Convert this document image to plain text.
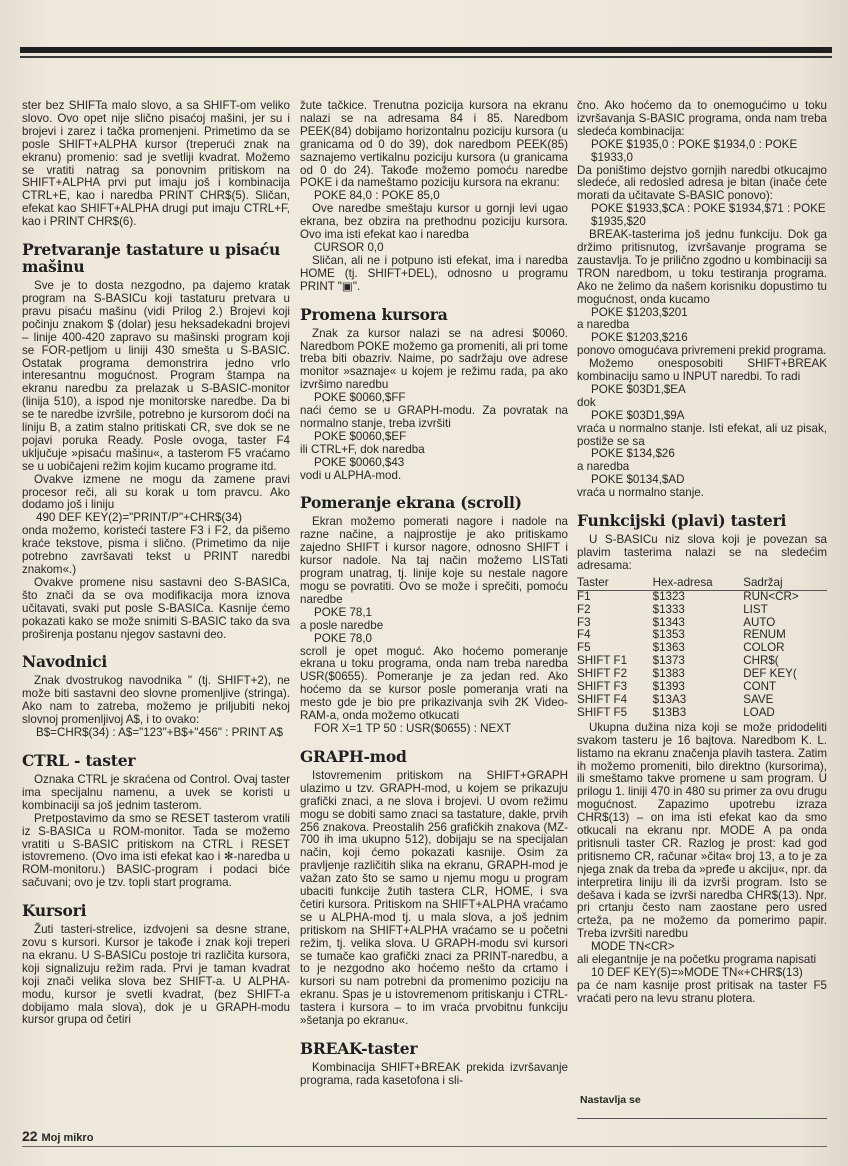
ster bez SHIFTa malo slovo, a sa SHIFT-om veliko slovo. Ovo opet nije slično pisaćoj mašini, jer su i brojevi i zarez i tačka promenjeni. Primetimo da se posle SHIFT+ALPHA kursor (treperući znak na ekranu) promenio: sad je svetliji kvadrat. Možemo se vratiti natrag sa ponovnim pritiskom na SHIFT+ALPHA prvi put imaju još i kombinacija CTRL+E, kao i naredba PRINT CHR$(5). Sličan, efekat kao SHIFT+ALPHA drugi put imaju CTRL+F, kao i PRINT CHR$(6).

Pretvaranje tastature u pisaću mašinu

Sve je to dosta nezgodno, pa dajemo kratak program na S-BASICu koji tastaturu pretvara u pravu pisaću mašinu (vidi Prilog 2.) Brojevi koji počinju znakom $ (dolar) jesu heksadekadni brojevi – linije 400-420 zapravo su mašinski program koji se FOR-petljom u liniji 430 smešta u S-BASIC. Ostatak programa demonstrira jedno vrlo interesantnu mogućnost. Program štampa na ekranu naredbu za prelazak u S-BASIC-monitor (linija 510), a ispod nje monitorske naredbe. Da bi se te naredbe izvršile, potrebno je kursorom doći na liniju B, a zatim stalno pritiskati CR, sve dok se ne pojavi poruka Ready. Posle ovoga, taster F4 uključuje »pisaću mašinu«, a tasterom F5 vraćamo se u uobičajeni režim kojim kucamo programe itd.

Ovakve izmene ne mogu da zamene pravi procesor reči, ali su korak u tom pravcu. Ako dodamo još i liniju

490 DEF KEY(2)="PRINT/P"+CHR$(34)

onda možemo, koristeći tastere F3 i F2, da pišemo kraće tekstove, pisma i slično. (Primetimo da nije potrebno završavati tekst u PRINT naredbi znakom«.)

Ovakve promene nisu sastavni deo S-BASICa, što znači da se ova modifikacija mora iznova učitavati, svaki put posle S-BASICa. Kasnije ćemo pokazati kako se može snimiti S-BASIC tako da sva proširenja postanu njegov sastavni deo.

Navodnici

Znak dvostrukog navodnika " (tj. SHIFT+2), ne može biti sastavni deo slovne promenljive (stringa). Ako nam to zatreba, možemo je priljubiti nekoj slovnoj promenljivoj A$, i to ovako:

B$=CHR$(34) : A$="123"+B$+"456" : PRINT A$

CTRL - taster

Oznaka CTRL je skraćena od Control. Ovaj taster ima specijalnu namenu, a uvek se koristi u kombinaciji sa još jednim tasterom.

Pretpostavimo da smo se RESET tasterom vratili iz S-BASICa u ROM-monitor. Tada se možemo vratiti u S-BASIC pritiskom na CTRL i RESET istovremeno. (Ovo ima isti efekat kao i ✻-naredba u ROM-monitoru.) BASIC-program i podaci biće sačuvani; ovo je tzv. topli start programa.

Kursori

Žuti tasteri-strelice, izdvojeni sa desne strane, zovu s kursori. Kursor je takođe i znak koji treperi na ekranu. U S-BASICu postoje tri različita kursora, koji signalizuju režim rada. Prvi je taman kvadrat koji znači velika slova bez SHIFT-a. U ALPHA-modu, kursor je svetli kvadrat, (bez SHIFT-a dobijamo mala slova), dok je u GRAPH-modu kursor grupa od četiri

žute tačkice. Trenutna pozicija kursora na ekranu nalazi se na adresama 84 i 85. Naredbom PEEK(84) dobijamo horizontalnu poziciju kursora (u granicama od 0 do 39), dok naredbom PEEK(85) saznajemo vertikalnu poziciju kursora (u granicama od 0 do 24). Takođe možemo pomoću naredbe POKE i da nameštamo poziciju kursora na ekranu:

POKE 84,0 : POKE 85,0

Ove naredbe smeštaju kursor u gornji levi ugao ekrana, bez obzira na prethodnu poziciju kursora. Ovo ima isti efekat kao i naredba

CURSOR 0,0

Sličan, ali ne i potpuno isti efekat, ima i naredba HOME (tj. SHIFT+DEL), odnosno u programu PRINT "▣".

Promena kursora

Znak za kursor nalazi se na adresi $0060. Naredbom POKE možemo ga promeniti, ali pri tome treba biti obazriv. Naime, po sadržaju ove adrese monitor »saznaje« u kojem je režimu rada, pa ako izvršimo naredbu

POKE $0060,$FF

naći ćemo se u GRAPH-modu. Za povratak na normalno stanje, treba izvršiti

POKE $0060,$EF

ili CTRL+F, dok naredba

POKE $0060,$43

vodi u ALPHA-mod.

Pomeranje ekrana (scroll)

Ekran možemo pomerati nagore i nadole na razne načine, a najprostije je ako pritiskamo zajedno SHIFT i kursor nagore, odnosno SHIFT i kursor nadole. Na taj način možemo LISTati program unatrag, tj. linije koje su nestale nagore mogu se povratiti. Ovo se može i sprečiti, pomoću naredbe

POKE 78,1

a posle naredbe

POKE 78,0

scroll je opet moguć. Ako hoćemo pomeranje ekrana u toku programa, onda nam treba naredba USR($0655). Pomeranje je za jedan red. Ako hoćemo da se kursor posle pomeranja vrati na mesto gde je bio pre prikazivanja svih 2K Video-RAM-a, onda možemo otkucati

FOR X=1 TP 50 : USR($0655) : NEXT

GRAPH-mod

Istovremenim pritiskom na SHIFT+GRAPH ulazimo u tzv. GRAPH-mod, u kojem se prikazuju grafički znaci, a ne slova i brojevi. U ovom režimu mogu se dobiti samo znaci sa tastature, dakle, prvih 256 znakova. Preostalih 256 grafičkih znakova (MZ-700 ih ima ukupno 512), dobijaju se na specijalan način, koji ćemo pokazati kasnije. Osim za pravljenje različitih slika na ekranu, GRAPH-mod je važan zato što se samo u njemu mogu u program ubaciti funkcije žutih tastera CLR, HOME, i sva četiri kursora. Pritiskom na SHIFT+ALPHA vraćamo se u ALPHA-mod tj. u mala slova, a još jednim pritiskom na SHIFT+ALPHA vraćamo se u početni režim, tj. velika slova. U GRAPH-modu svi kursori se tumače kao grafički znaci za PRINT-naredbu, a to je nezgodno ako hoćemo nešto da crtamo i kursori su nam potrebni da promenimo poziciju na ekranu. Spas je u istovremenom pritiskanju i CTRL-tastera i kursora – to im vraća prvobitnu funkciju »šetanja po ekranu«.

BREAK-taster

Kombinacija SHIFT+BREAK prekida izvršavanje programa, rada kasetofona i sli-

čno. Ako hoćemo da to onemogućimo u toku izvršavanja S-BASIC programa, onda nam treba sledeća kombinacija:

POKE $1935,0 : POKE $1934,0 : POKE $1933,0

Da poništimo dejstvo gornjih naredbi otkucajmo sledeće, ali redosled adresa je bitan (inače ćete morati da učitavate S-BASIC ponovo):

POKE $1933,$CA : POKE $1934,$71 : POKE $1935,$20

BREAK-tasterima još jednu funkciju. Dok ga držimo pritisnutog, izvršavanje programa se zaustavlja. To je prilično zgodno u kombinaciji sa TRON naredbom, u toku testiranja programa. Ako ne želimo da našem korisniku dopustimo tu mogućnost, onda kucamo

POKE $1203,$201

a naredba

POKE $1203,$216

ponovo omogućava privremeni prekid programa.

Možemo onesposobiti SHIFT+BREAK kombinaciju samo u INPUT naredbi. To radi

POKE $03D1,$EA

dok

POKE $03D1,$9A

vraća u normalno stanje. Isti efekat, ali uz pisak, postiže se sa

POKE $134,$26

a naredba

POKE $0134,$AD

vraća u normalno stanje.

Funkcijski (plavi) tasteri

U S-BASICu niz slova koji je povezan sa plavim tasterima nalazi se na sledećim adresama:

Taster	Hex-adresa	Sadržaj
F1	$1323	RUN<CR>
F2	$1333	LIST
F3	$1343	AUTO
F4	$1353	RENUM
F5	$1363	COLOR
SHIFT F1	$1373	CHR$(
SHIFT F2	$1383	DEF KEY(
SHIFT F3	$1393	CONT
SHIFT F4	$13A3	SAVE
SHIFT F5	$13B3	LOAD

Ukupna dužina niza koji se može pridodeliti svakom tasteru je 16 bajtova. Naredbom K. L. listamo na ekranu značenja plavih tastera. Zatim ih možemo promeniti, bilo direktno (kursorima), ili smeštamo takve promene u sam program. U prilogu 1. liniji 470 in 480 su primer za ovu drugu mogućnost. Zapazimo upotrebu izraza CHR$(13) – on ima isti efekat kao da smo otkucali na ekranu npr. MODE A pa onda pritisnuli taster CR. Razlog je prost: kad god pritisnemo CR, računar »čita« broj 13, a to je za njega znak da treba da »pređe u akciju«, npr. da interpretira liniju ili da izvrši program. Isto se dešava i kada se izvrši naredba CHR$(13). Npr. pri crtanju često nam zaostane pero usred crteža, pa ne možemo da pomerimo papir. Treba izvršiti naredbu

MODE TN<CR>

ali elegantnije je na početku programa napisati

10 DEF KEY(5)=»MODE TN«+CHR$(13)

pa će nam kasnije prost pritisak na taster F5 vraćati pero na levu stranu plotera.

Nastavlja se
22 Moj mikro
